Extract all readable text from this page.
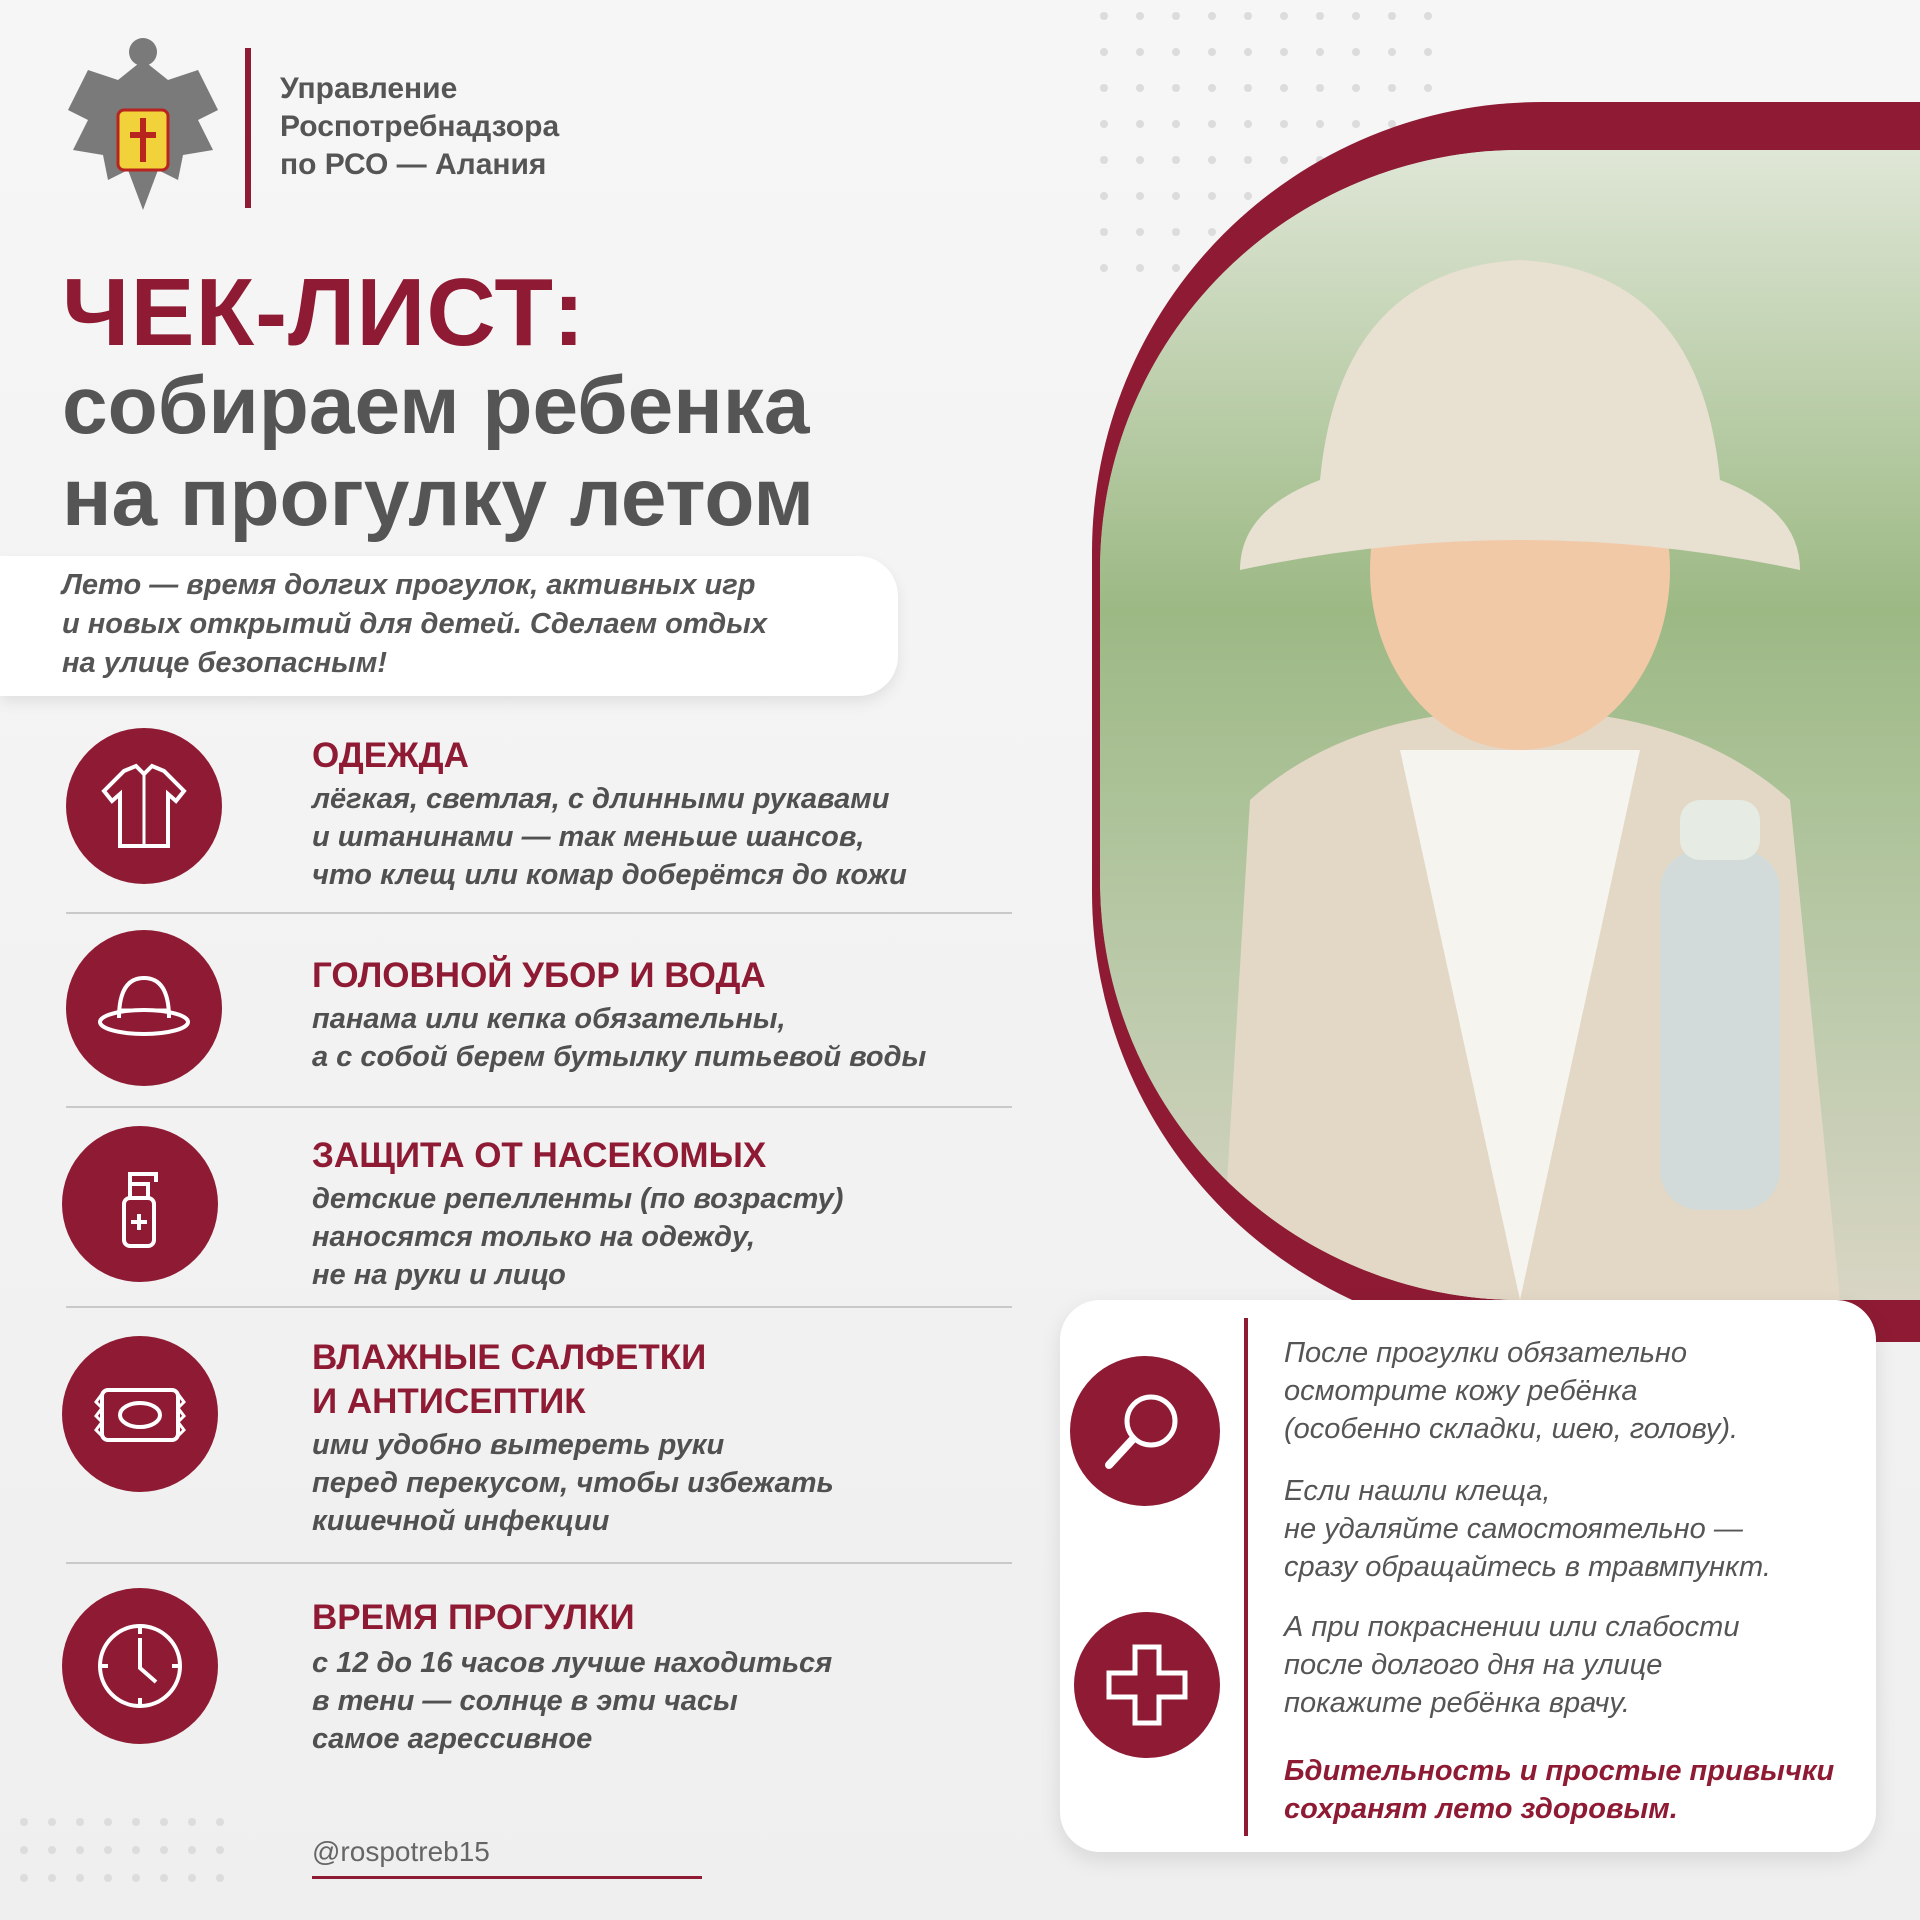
Управление
Роспотребнадзора
по РСО — Алания
ЧЕК-ЛИСТ:
собираем ребенка
на прогулку летом
Лето — время долгих прогулок, активных игр
и новых открытий для детей. Сделаем отдых
на улице безопасным!
ОДЕЖДА
лёгкая, светлая, с длинными рукавами
и штанинами — так меньше шансов,
что клещ или комар доберётся до кожи
ГОЛОВНОЙ УБОР И ВОДА
панама или кепка обязательны,
а с собой берем бутылку питьевой воды
ЗАЩИТА ОТ НАСЕКОМЫХ
детские репелленты (по возрасту)
наносятся только на одежду,
не на руки и лицо
ВЛАЖНЫЕ САЛФЕТКИ
И АНТИСЕПТИК
ими удобно вытереть руки
перед перекусом, чтобы избежать
кишечной инфекции
ВРЕМЯ ПРОГУЛКИ
с 12 до 16 часов лучше находиться
в тени — солнце в эти часы
самое агрессивное
После прогулки обязательно
осмотрите кожу ребёнка
(особенно складки, шею, голову).
Если нашли клеща,
не удаляйте самостоятельно —
сразу обращайтесь в травмпункт.
А при покраснении или слабости
после долгого дня на улице
покажите ребёнка врачу.
Бдительность и простые привычки
сохранят лето здоровым.
@rospotreb15
